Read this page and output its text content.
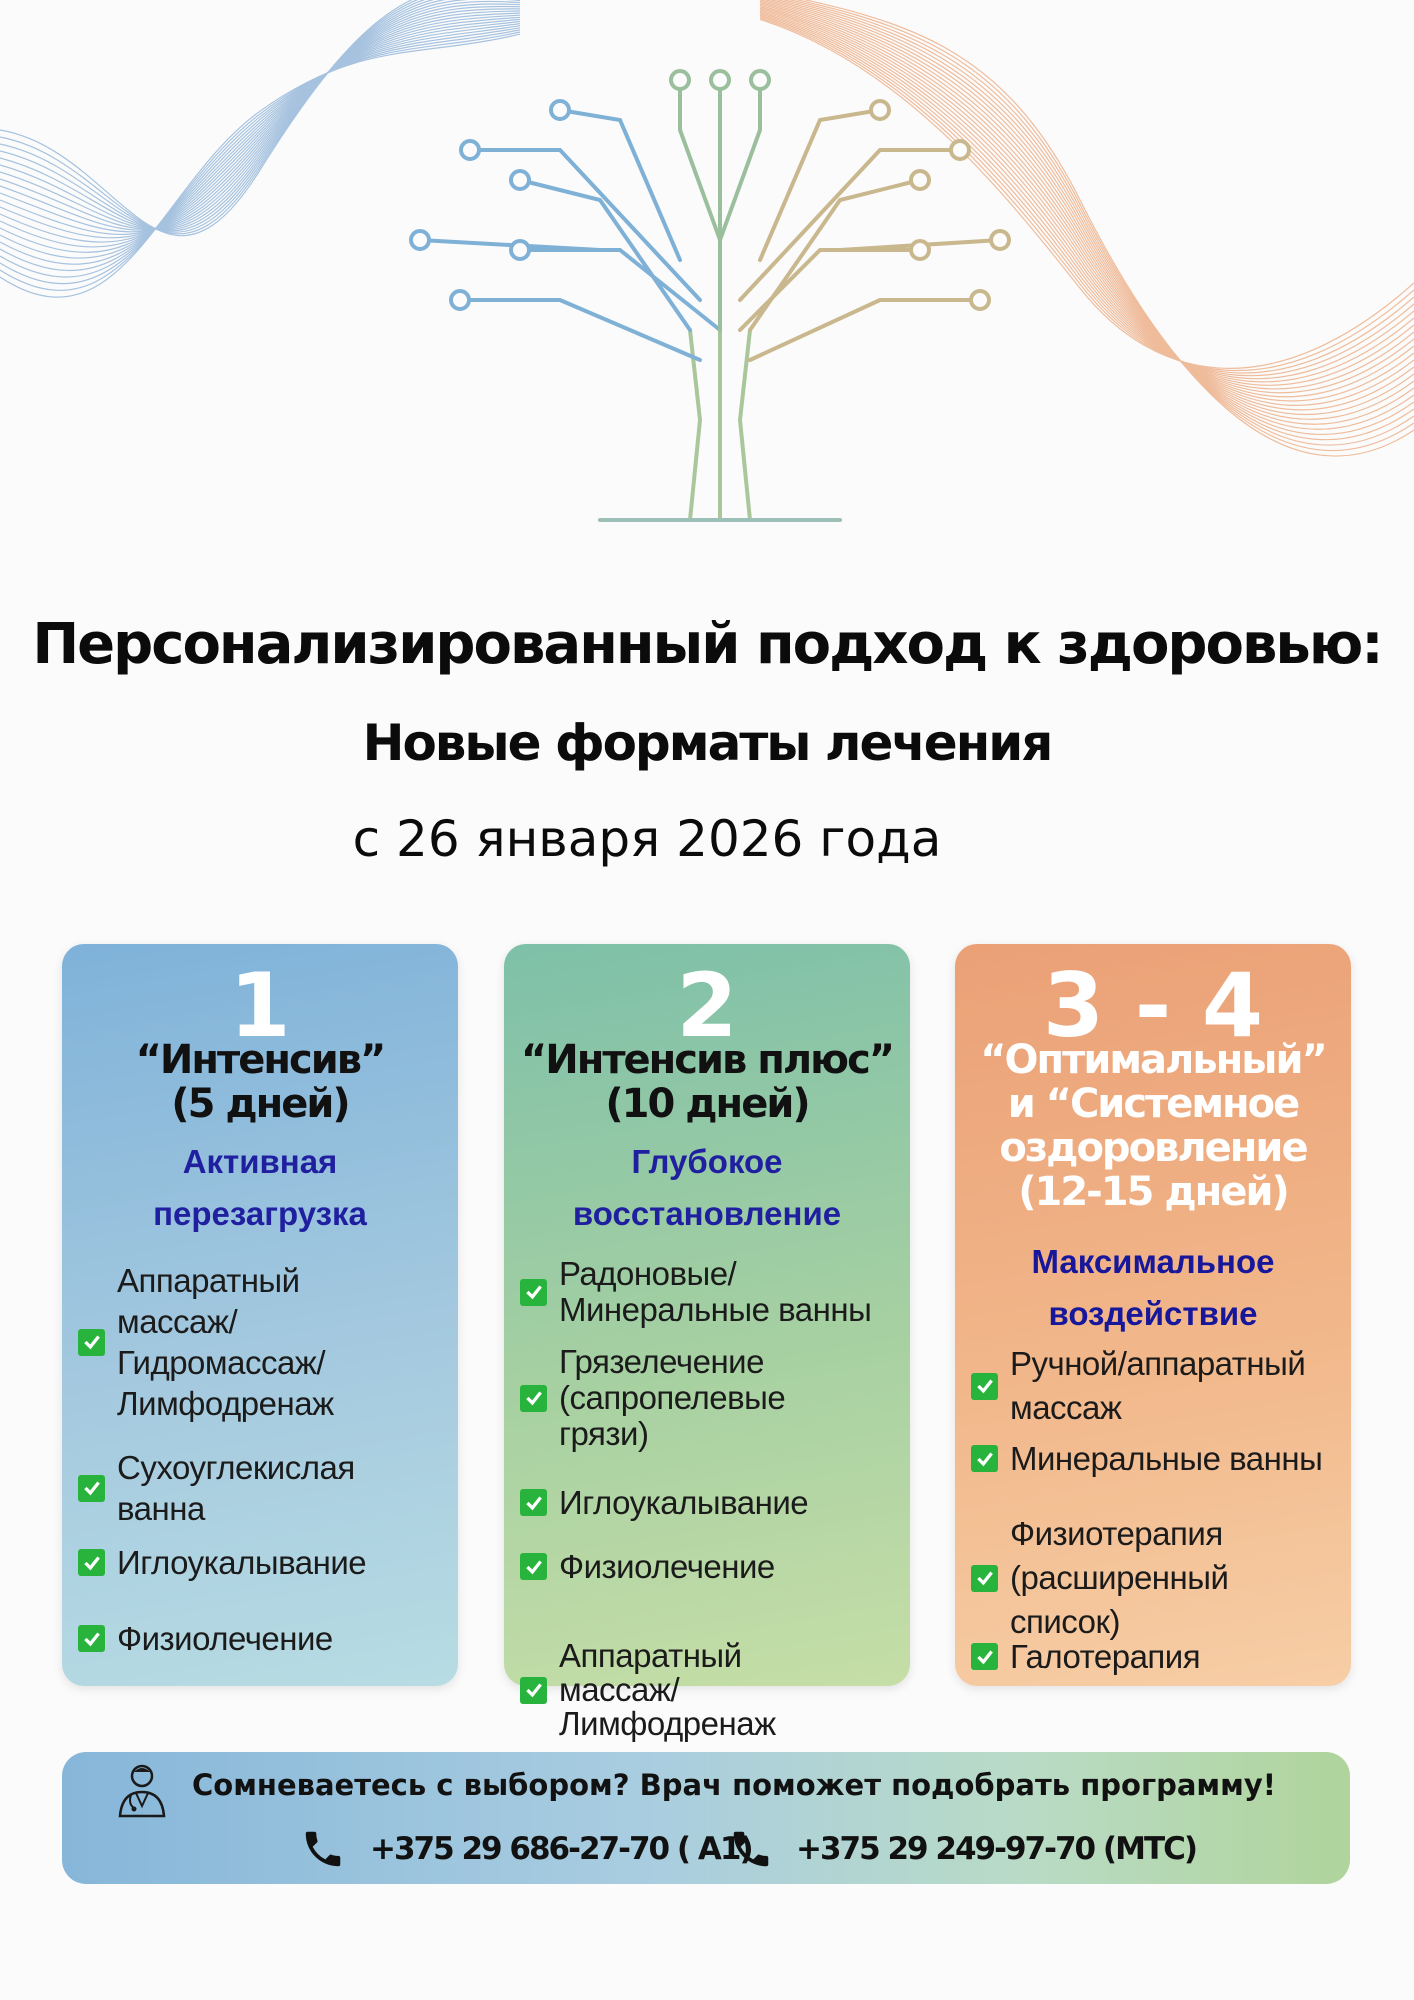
Персонализированный подход к здоровью:
Новые форматы лечения
с 26 января 2026 года
1
“Интенсив”
(5 дней)
Активная
перезагрузка
Аппаратный
массаж/
Гидромассаж/
Лимфодренаж
Сухоуглекислая
ванна
Иглоукалывание
Физиолечение
2
“Интенсив плюс”
(10 дней)
Глубокое
восстановление
Радоновые/
Минеральные ванны
Грязелечение
(сапропелевые
грязи)
Иглоукалывание
Физиолечение
Аппаратный
массаж/
Лимфодренаж
3 - 4
“Оптимальный”
и “Системное
оздоровление
(12-15 дней)
Максимальное
воздействие
Ручной/аппаратный
массаж
Минеральные ванны
Физиотерапия
(расширенный
список)
Галотерапия
Сомневаетесь с выбором? Врач поможет подобрать программу!
+375 29 686-27-70 ( A1) +375 29 249-97-70 (МТС)
